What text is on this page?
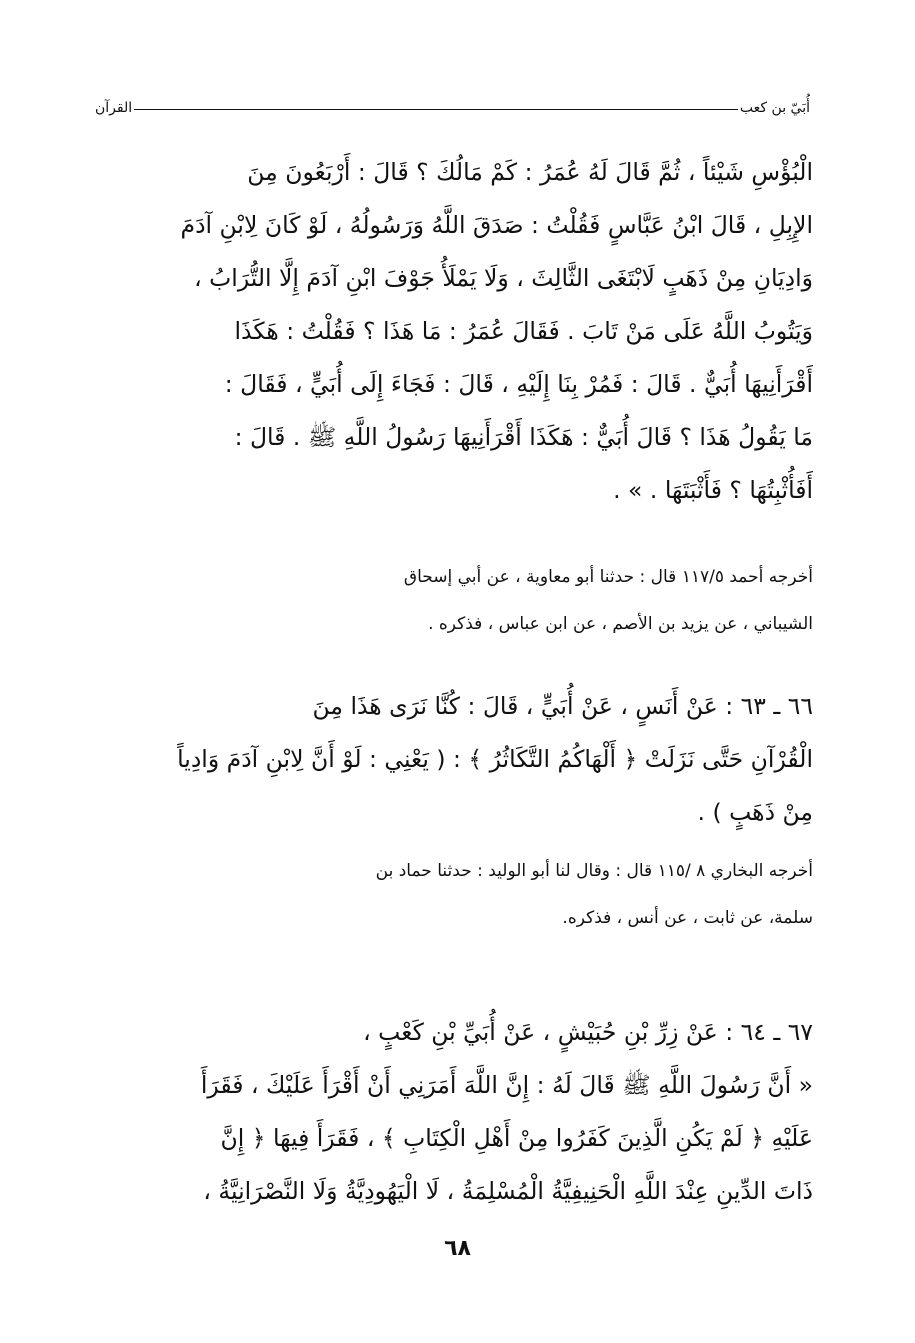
أُبَيّ بن كعب
القرآن
الْبُؤْسِ شَيْئاً ، ثُمَّ قَالَ لَهُ عُمَرُ : كَمْ مَالُكَ ؟ قَالَ : أَرْبَعُونَ مِنَ
الإِبِلِ ، قَالَ ابْنُ عَبَّاسٍ فَقُلْتُ : صَدَقَ اللَّهُ وَرَسُولُهُ ، لَوْ كَانَ لِابْنِ آدَمَ
وَادِيَانِ مِنْ ذَهَبٍ لَابْتَغَى الثَّالِثَ ، وَلَا يَمْلَأُ جَوْفَ ابْنِ آدَمَ إِلَّا التُّرَابُ ،
وَيَتُوبُ اللَّهُ عَلَى مَنْ تَابَ . فَقَالَ عُمَرُ : مَا هَذَا ؟ فَقُلْتُ : هَكَذَا
أَقْرَأَنِيهَا أُبَيٌّ . قَالَ : فَمُرْ بِنَا إِلَيْهِ ، قَالَ : فَجَاءَ إِلَى أُبَيٍّ ، فَقَالَ :
مَا يَقُولُ هَذَا ؟ قَالَ أُبَيٌّ : هَكَذَا أَقْرَأَنِيهَا رَسُولُ اللَّهِ ﷺ . قَالَ :
أَفَأُثْبِتُهَا ؟ فَأَثْبَتَهَا . » .
أخرجه أحمد ١١٧/٥ قال : حدثنا أبو معاوية ، عن أبي إسحاق
الشيباني ، عن يزيد بن الأصم ، عن ابن عباس ، فذكره .
٦٦ ـ ٦٣ : عَنْ أَنَسٍ ، عَنْ أُبَيٍّ ، قَالَ : كُنَّا نَرَى هَذَا مِنَ
الْقُرْآنِ حَتَّى نَزَلَتْ ﴿ أَلْهَاكُمُ التَّكَاثُرُ ﴾ : ( يَعْنِي : لَوْ أَنَّ لِابْنِ آدَمَ وَادِياً
مِنْ ذَهَبٍ ) .
أخرجه البخاري ٨ /١١٥ قال : وقال لنا أبو الوليد : حدثنا حماد بن
سلمة، عن ثابت ، عن أنس ، فذكره.
٦٧ ـ ٦٤ : عَنْ زِرِّ بْنِ حُبَيْشٍ ، عَنْ أُبَيِّ بْنِ كَعْبٍ ،
« أَنَّ رَسُولَ اللَّهِ ﷺ قَالَ لَهُ : إِنَّ اللَّهَ أَمَرَنِي أَنْ أَقْرَأَ عَلَيْكَ ، فَقَرَأَ
عَلَيْهِ ﴿ لَمْ يَكُنِ الَّذِينَ كَفَرُوا مِنْ أَهْلِ الْكِتَابِ ﴾ ، فَقَرَأَ فِيهَا ﴿ إِنَّ
ذَاتَ الدِّينِ عِنْدَ اللَّهِ الْحَنِيفِيَّةُ الْمُسْلِمَةُ ، لَا الْيَهُودِيَّةُ وَلَا النَّصْرَانِيَّةُ ،
٦٨
